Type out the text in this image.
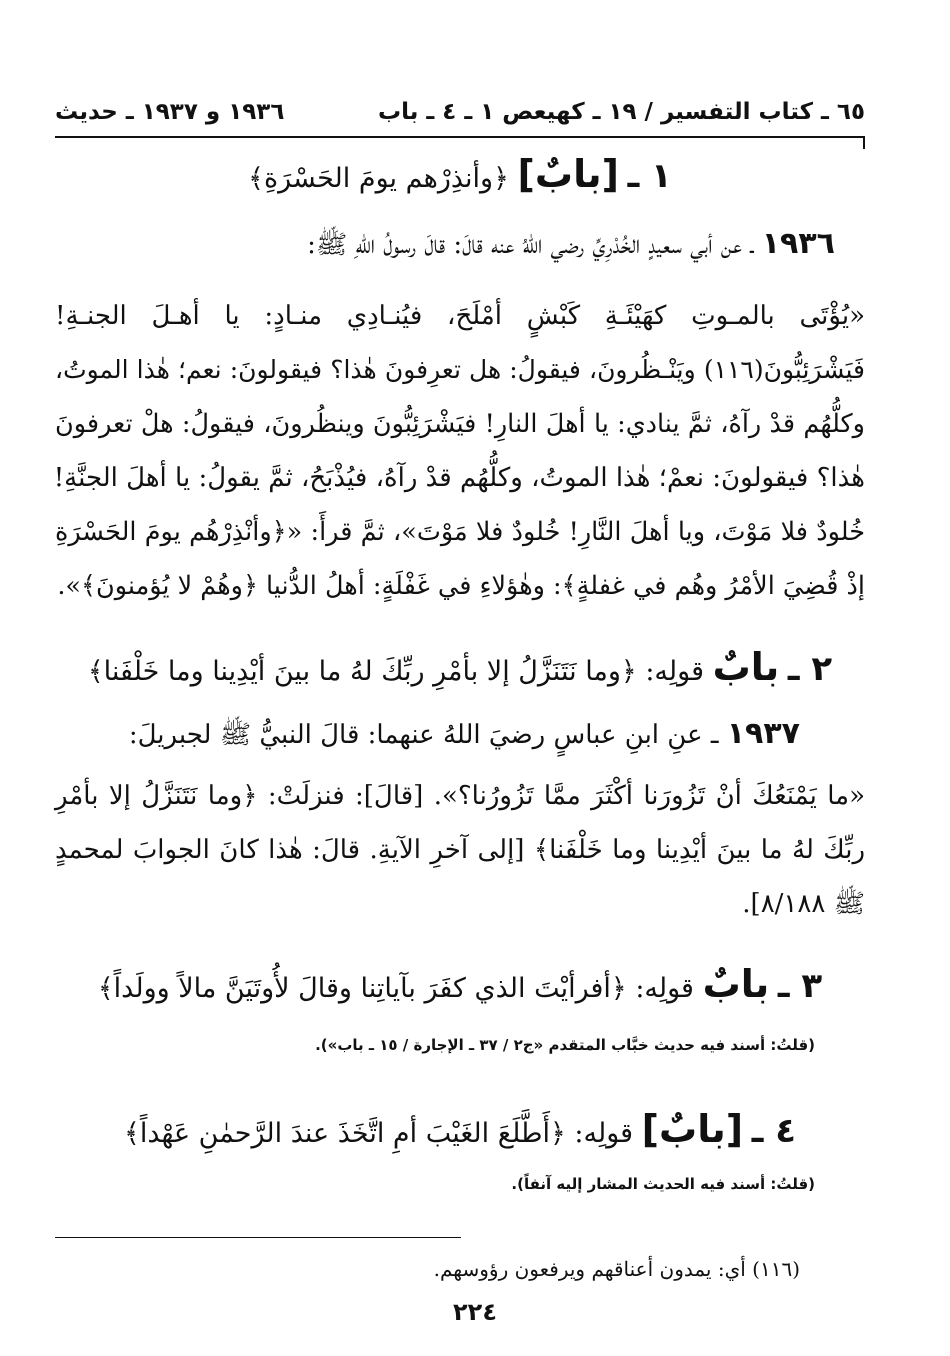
٦٥ ـ كتاب التفسير / ١٩ ـ كهيعص ١ ـ ٤ ـ باب
١٩٣٦ و ١٩٣٧ ـ حديث
١ ـ [بابٌ] ﴿وأنذِرْهم يومَ الحَسْرَةِ﴾
١٩٣٦ ـ عن أبي سعيدٍ الخُدْرِيِّ رضي اللهُ عنه قالَ: قالَ رسولُ اللهِ ﷺ:
«يُؤْتَى بالمـوتِ كهَيْئَـةِ كَبْشٍ أمْلَحَ، فيُنـادِي منـادٍ: يا أهـلَ الجنـةِ!
فَيَشْرَئِبُّونَ(١١٦) ويَنْـظُرونَ، فيقولُ: هل تعرِفونَ هٰذا؟ فيقولونَ: نعم؛ هٰذا الموتُ،
وكلُّهُم قدْ رآهُ، ثمَّ ينادي: يا أهلَ النارِ! فيَشْرَئِبُّونَ وينظُرونَ، فيقولُ: هلْ تعرفونَ
هٰذا؟ فيقولونَ: نعمْ؛ هٰذا الموتُ، وكلُّهُم قدْ رآهُ، فيُذْبَحُ، ثمَّ يقولُ: يا أهلَ الجنَّةِ!
خُلودٌ فلا مَوْتَ، ويا أهلَ النَّارِ! خُلودٌ فلا مَوْتَ»، ثمَّ قرأَ: «﴿وأنْذِرْهُم يومَ الحَسْرَةِ
إذْ قُضِيَ الأمْرُ وهُم في غفلةٍ﴾: وهٰؤلاءِ في غَفْلَةٍ: أهلُ الدُّنيا ﴿وهُمْ لا يُؤمنونَ﴾».
٢ ـ بابٌ قولِه: ﴿وما نَتَنَزَّلُ إلا بأمْرِ ربِّكَ لهُ ما بينَ أيْدِينا وما خَلْفَنا﴾
١٩٣٧ ـ عنِ ابنِ عباسٍ رضيَ اللهُ عنهما: قالَ النبيُّ ﷺ لجبريلَ:
«ما يَمْنَعُكَ أنْ تَزُورَنا أكْثَرَ ممَّا تَزُورُنا؟». [قالَ]: فنزلَتْ: ﴿وما نَتَنَزَّلُ إلا بأمْرِ
ربِّكَ لهُ ما بينَ أيْدِينا وما خَلْفَنا﴾ [إلى آخرِ الآيةِ. قالَ: هٰذا كانَ الجوابَ لمحمدٍ
ﷺ ٨/١٨٨].
٣ ـ بابٌ قولِه: ﴿أفرأيْتَ الذي كفَرَ بآياتِنا وقالَ لأُوتَيَنَّ مالاً وولَداً﴾
(قلتُ: أسند فيه حديث خبَّاب المتقدم «ج٢ / ٣٧ ـ الإجارة / ١٥ ـ باب»).
٤ ـ [بابٌ] قولِه: ﴿أَطَّلَعَ الغَيْبَ أمِ اتَّخَذَ عندَ الرَّحمٰنِ عَهْداً﴾
(قلتُ: أسند فيه الحديث المشار إليه آنفاً).
(١١٦) أي: يمدون أعناقهم ويرفعون رؤوسهم.
٢٢٤
